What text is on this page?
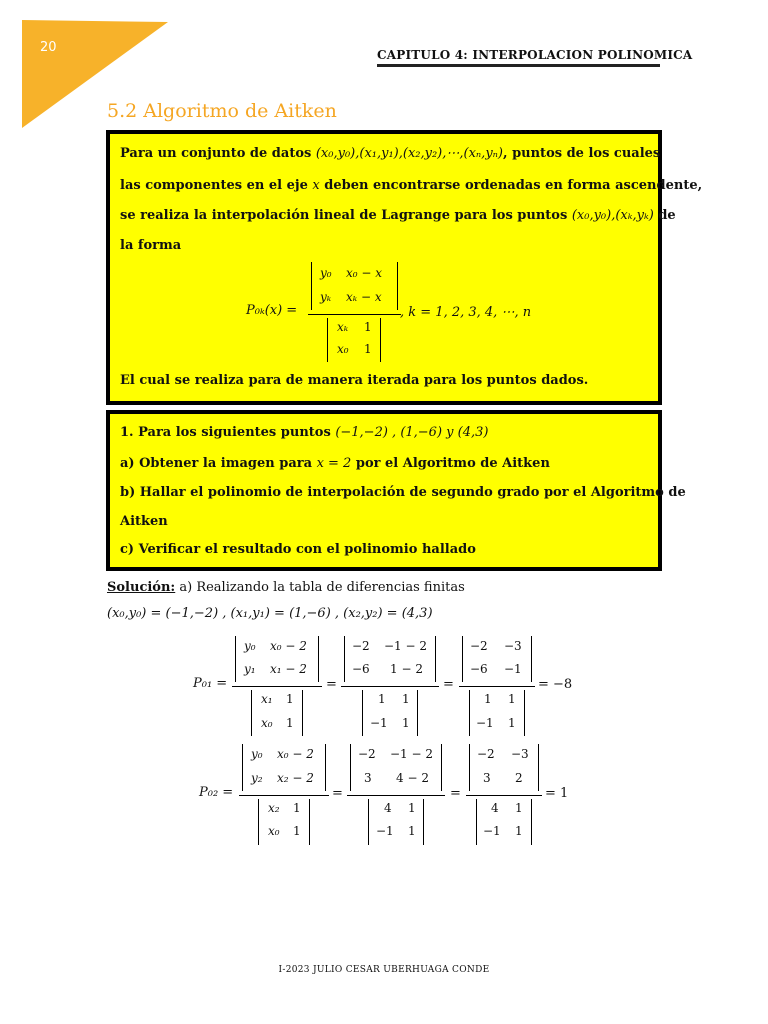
20	CAPITULO 4: INTERPOLACION POLINOMICA
5.2 Algoritmo de Aitken
Para un conjunto de datos (x₀,y₀),(x₁,y₁),(x₂,y₂),⋯,(xₙ,yₙ), puntos de los cuales
las componentes en el eje x deben encontrarse ordenadas en forma ascendente,
se realiza la interpolación lineal de Lagrange para los puntos (x₀,y₀),(xₖ,yₖ) de
la forma
P₀ₖ(x) =
y₀ x₀ − x
yₖ xₖ − x
xₖ 1
x₀ 1
, k = 1, 2, 3, 4, ⋯, n
El cual se realiza para de manera iterada para los puntos dados.
1. Para los siguientes puntos (−1,−2) , (1,−6) y (4,3)
a) Obtener la imagen para x = 2 por el Algoritmo de Aitken
b) Hallar el polinomio de interpolación de segundo grado por el Algoritmo de
Aitken
c) Verificar el resultado con el polinomio hallado
Solución: a) Realizando la tabla de diferencias finitas
(x₀,y₀) = (−1,−2) , (x₁,y₁) = (1,−6) , (x₂,y₂) = (4,3)
P₀₁ =
y₀ x₀ − 2
y₁ x₁ − 2
x₁ 1
x₀ 1
=
−2 −1 − 2
−6 1 − 2
1 1
−1 1
=
−2 −3
−6 −1
1 1
−1 1
= −8
P₀₂ =
y₀ x₀ − 2
y₂ x₂ − 2
x₂ 1
x₀ 1
=
−2 −1 − 2
3 4 − 2
4 1
−1 1
=
−2 −3
3 2
4 1
−1 1
= 1
I-2023 JULIO CESAR UBERHUAGA CONDE
